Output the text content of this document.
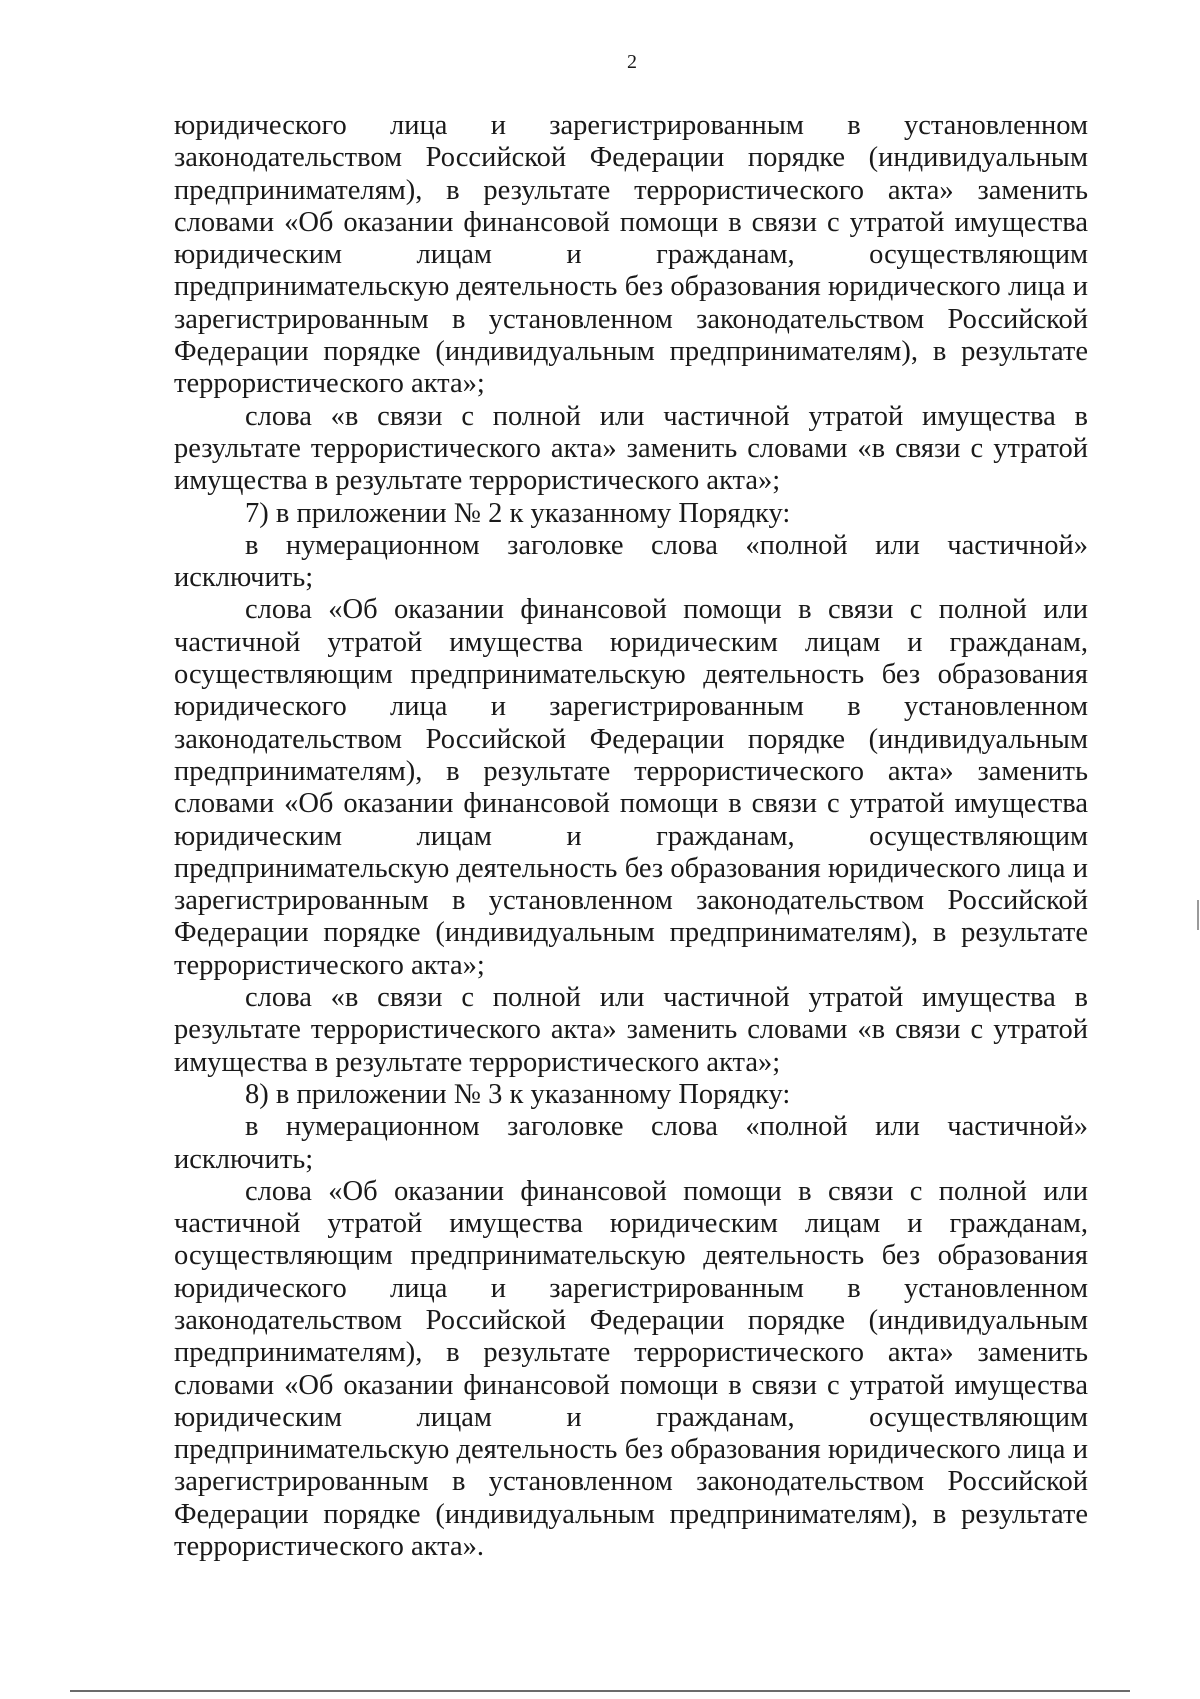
2

юридического лица и зарегистрированным в установленном законодательством Российской Федерации порядке (индивидуальным предпринимателям), в результате террористического акта» заменить словами «Об оказании финансовой помощи в связи с утратой имущества юридическим лицам и гражданам, осуществляющим предпринимательскую деятельность без образования юридического лица и зарегистрированным в установленном законодательством Российской Федерации порядке (индивидуальным предпринимателям), в результате террористического акта»;

слова «в связи с полной или частичной утратой имущества в результате террористического акта» заменить словами «в связи с утратой имущества в результате террористического акта»;

7) в приложении № 2 к указанному Порядку:

в нумерационном заголовке слова «полной или частичной» исключить;

слова «Об оказании финансовой помощи в связи с полной или частичной утратой имущества юридическим лицам и гражданам, осуществляющим предпринимательскую деятельность без образования юридического лица и зарегистрированным в установленном законодательством Российской Федерации порядке (индивидуальным предпринимателям), в результате террористического акта» заменить словами «Об оказании финансовой помощи в связи с утратой имущества юридическим лицам и гражданам, осуществляющим предпринимательскую деятельность без образования юридического лица и зарегистрированным в установленном законодательством Российской Федерации порядке (индивидуальным предпринимателям), в результате террористического акта»;

слова «в связи с полной или частичной утратой имущества в результате террористического акта» заменить словами «в связи с утратой имущества в результате террористического акта»;

8) в приложении № 3 к указанному Порядку:

в нумерационном заголовке слова «полной или частичной» исключить;

слова «Об оказании финансовой помощи в связи с полной или частичной утратой имущества юридическим лицам и гражданам, осуществляющим предпринимательскую деятельность без образования юридического лица и зарегистрированным в установленном законодательством Российской Федерации порядке (индивидуальным предпринимателям), в результате террористического акта» заменить словами «Об оказании финансовой помощи в связи с утратой имущества юридическим лицам и гражданам, осуществляющим предпринимательскую деятельность без образования юридического лица и зарегистрированным в установленном законодательством Российской Федерации порядке (индивидуальным предпринимателям), в результате террористического акта».
